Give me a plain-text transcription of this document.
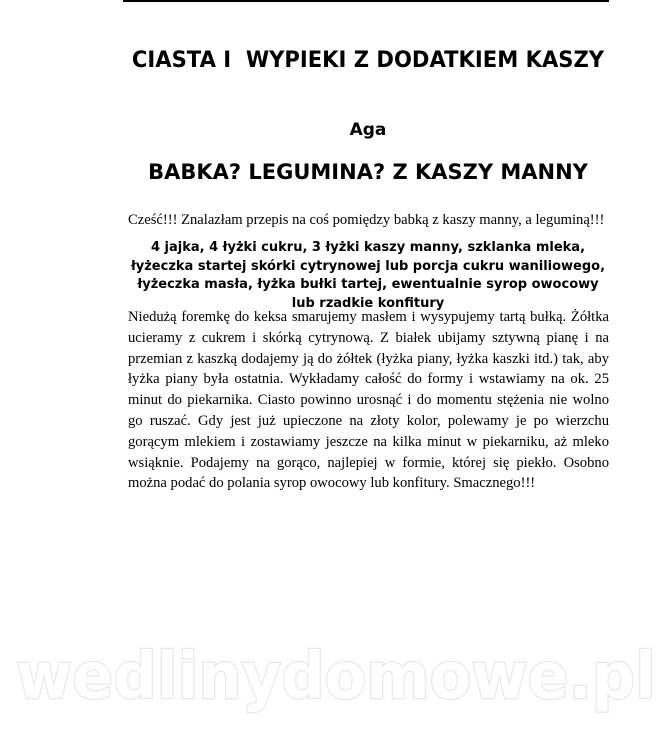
CIASTA I  WYPIEKI Z DODATKIEM KASZY
Aga
BABKA? LEGUMINA? Z KASZY MANNY
Cześć!!! Znalazłam przepis na coś pomiędzy babką z kaszy manny, a leguminą!!!
4 jajka, 4 łyżki cukru, 3 łyżki kaszy manny, szklanka mleka, łyżeczka startej skórki cytrynowej lub porcja cukru waniliowego, łyżeczka masła, łyżka bułki tartej, ewentualnie syrop owocowy lub rzadkie konfitury
Niedużą foremkę do keksa smarujemy masłem i wysypujemy tartą bułką. Żółtka ucieramy z cukrem i skórką cytrynową. Z białek ubijamy sztywną pianę i na przemian z kaszką dodajemy ją do żółtek (łyżka piany, łyżka kaszki itd.) tak, aby łyżka piany była ostatnia. Wykładamy całość do formy i wstawiamy na ok. 25 minut do piekarnika. Ciasto powinno urosnąć i do momentu stężenia nie wolno go ruszać. Gdy jest już upieczone na złoty kolor, polewamy je po wierzchu gorącym mlekiem i zostawiamy jeszcze na kilka minut w piekarniku, aż mleko wsiąknie. Podajemy na gorąco, najlepiej w formie, której się piekło. Osobno można podać do polania syrop owocowy lub konfitury. Smacznego!!!
wedlinydomowe.pl
